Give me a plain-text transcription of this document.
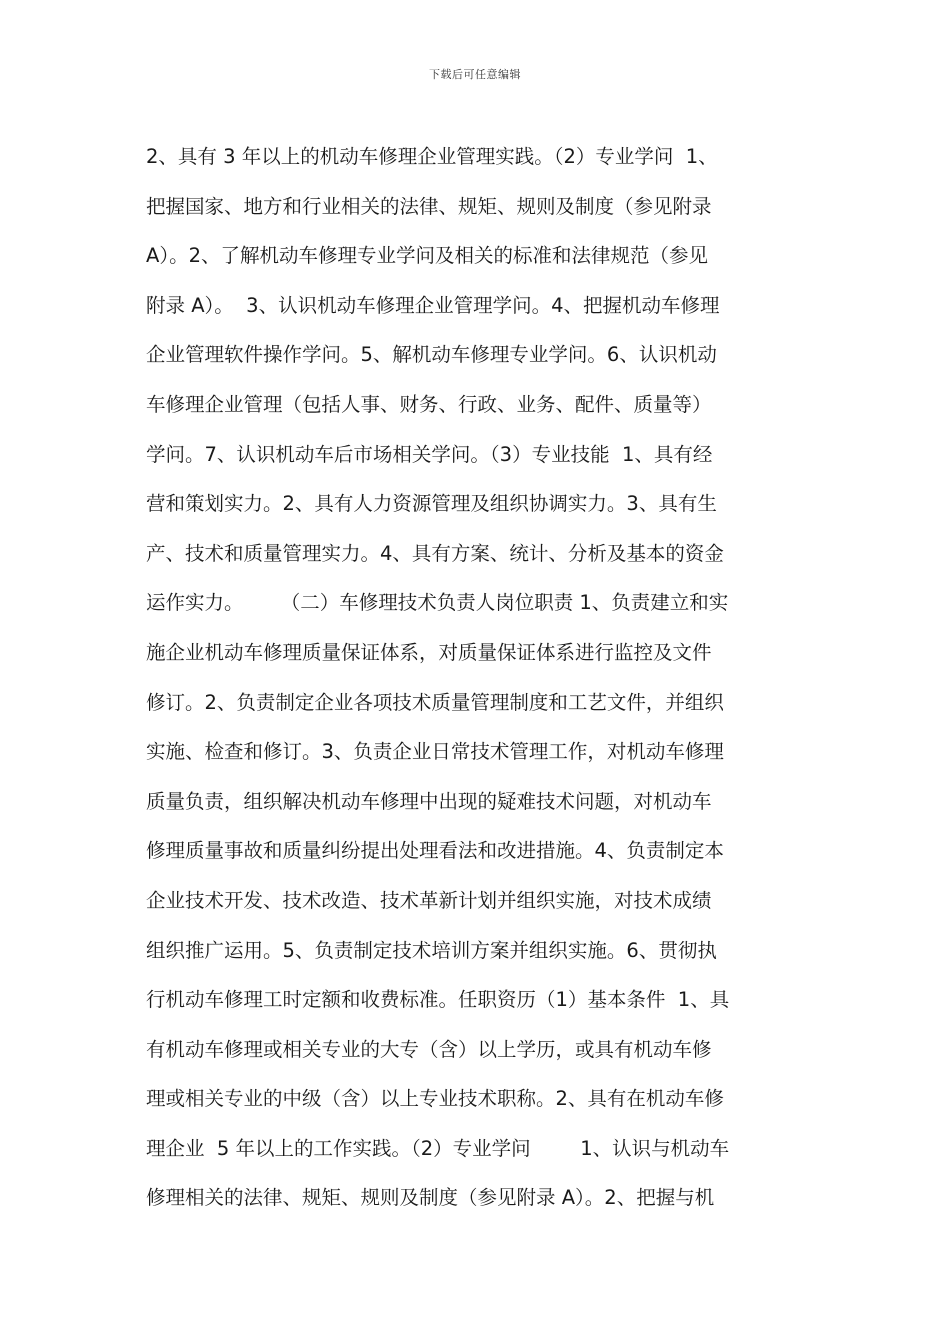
下载后可任意编辑
2、具有 3 年以上的机动车修理企业管理实践。（2）专业学问  1、
把握国家、地方和行业相关的法律、规矩、规则及制度（参见附录
A）。2、了解机动车修理专业学问及相关的标准和法律规范（参见
附录 A）。  3、认识机动车修理企业管理学问。4、把握机动车修理
企业管理软件操作学问。5、解机动车修理专业学问。6、认识机动
车修理企业管理（包括人事、财务、行政、业务、配件、质量等）
学问。7、认识机动车后市场相关学问。（3）专业技能  1、具有经
营和策划实力。2、具有人力资源管理及组织协调实力。3、具有生
产、技术和质量管理实力。4、具有方案、统计、分析及基本的资金
运作实力。      （二）车修理技术负责人岗位职责 1、负责建立和实
施企业机动车修理质量保证体系，对质量保证体系进行监控及文件
修订。2、负责制定企业各项技术质量管理制度和工艺文件，并组织
实施、检查和修订。3、负责企业日常技术管理工作，对机动车修理
质量负责，组织解决机动车修理中出现的疑难技术问题，对机动车
修理质量事故和质量纠纷提出处理看法和改进措施。4、负责制定本
企业技术开发、技术改造、技术革新计划并组织实施，对技术成绩
组织推广运用。5、负责制定技术培训方案并组织实施。6、贯彻执
行机动车修理工时定额和收费标准。任职资历（1）基本条件  1、具
有机动车修理或相关专业的大专（含）以上学历，或具有机动车修
理或相关专业的中级（含）以上专业技术职称。2、具有在机动车修
理企业  5 年以上的工作实践。（2）专业学问        1、认识与机动车
修理相关的法律、规矩、规则及制度（参见附录 A）。2、把握与机
